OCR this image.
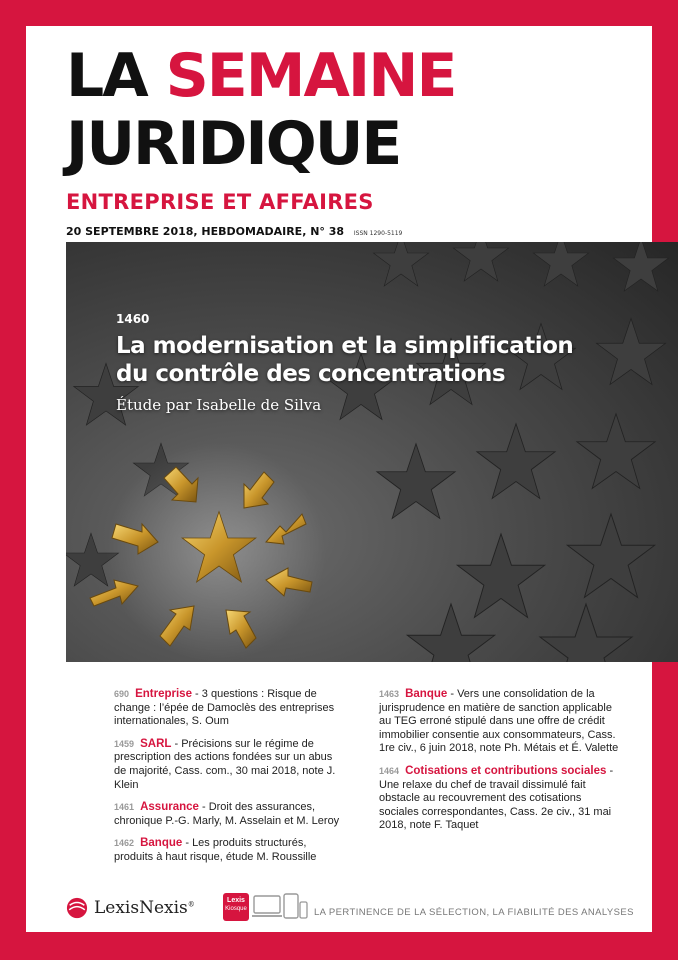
LA SEMAINE
JURIDIQUE
ENTREPRISE ET AFFAIRES
20 SEPTEMBRE 2018, HEBDOMADAIRE, N° 38 ISSN 1290-5119

1460

La modernisation et la simplification
du contrôle des concentrations

Étude par Isabelle de Silva

690 Entreprise - 3 questions : Risque de change : l’épée de Damoclès des entreprises internationales, S. Oum
1459 SARL - Précisions sur le régime de prescription des actions fondées sur un abus de majorité, Cass. com., 30 mai 2018, note J. Klein
1461 Assurance - Droit des assurances, chronique P.-G. Marly, M. Asselain et M. Leroy
1462 Banque - Les produits structurés, produits à haut risque, étude M. Roussille
1463 Banque - Vers une consolidation de la jurisprudence en matière de sanction applicable au TEG erroné stipulé dans une offre de crédit immobilier consentie aux consommateurs, Cass. 1re civ., 6 juin 2018, note Ph. Métais et É. Valette
1464 Cotisations et contributions sociales - Une relaxe du chef de travail dissimulé fait obstacle au recouvrement des cotisations sociales correspondantes, Cass. 2e civ., 31 mai 2018, note F. Taquet
LexisNexis®	Lexis
Kiosque	LA PERTINENCE DE LA SÉLECTION, LA FIABILITÉ DES ANALYSES
